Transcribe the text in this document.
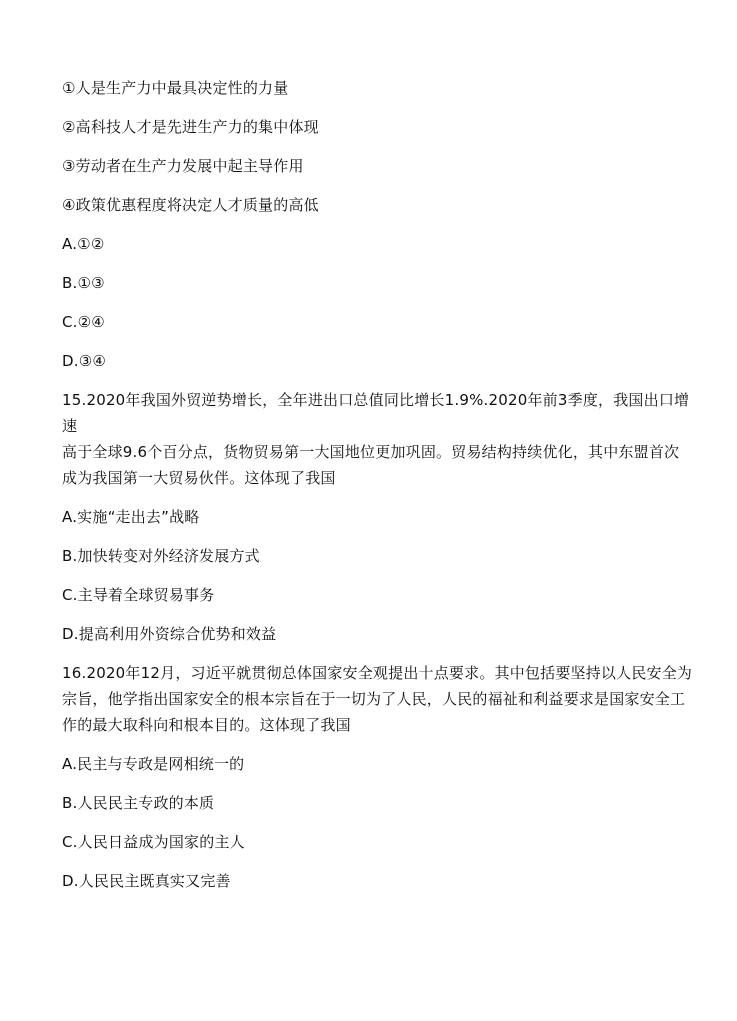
①人是生产力中最具决定性的力量

②高科技人才是先进生产力的集中体现

③劳动者在生产力发展中起主导作用

④政策优惠程度将决定人才质量的高低

A.①②

B.①③

C.②④

D.③④

15.2020年我国外贸逆势增长，全年进出口总值同比增长1.9%.2020年前3季度，我国出口增速

高于全球9.6个百分点，货物贸易第一大国地位更加巩固。贸易结构持续优化，其中东盟首次

成为我国第一大贸易伙伴。这体现了我国

A.实施“走出去”战略

B.加快转变对外经济发展方式

C.主导着全球贸易事务

D.提高利用外资综合优势和效益

16.2020年12月，习近平就贯彻总体国家安全观提出十点要求。其中包括要坚持以人民安全为

宗旨，他学指出国家安全的根本宗旨在于一切为了人民，人民的福祉和利益要求是国家安全工

作的最大取科向和根本目的。这体现了我国

A.民主与专政是网相统一的

B.人民民主专政的本质

C.人民日益成为国家的主人

D.人民民主既真实又完善
